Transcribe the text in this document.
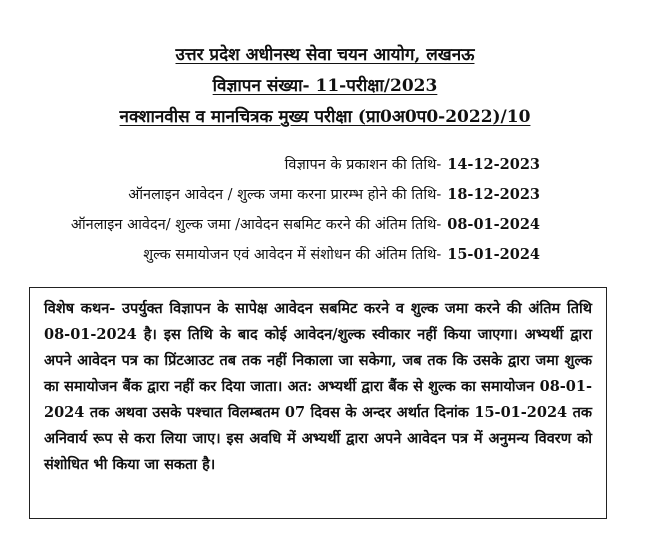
उत्तर प्रदेश अधीनस्थ सेवा चयन आयोग, लखनऊ
विज्ञापन संख्या- 11-परीक्षा/2023
नक्शानवीस व मानचित्रक मुख्य परीक्षा (प्रा0अ0प0-2022)/10
विज्ञापन के प्रकाशन की तिथि- 14-12-2023
ऑनलाइन आवेदन / शुल्क जमा करना प्रारम्भ होने की तिथि- 18-12-2023
ऑनलाइन आवेदन/ शुल्क जमा /आवेदन सबमिट करने की अंतिम तिथि- 08-01-2024
शुल्क समायोजन एवं आवेदन में संशोधन की अंतिम तिथि- 15-01-2024

विशेष कथन- उपर्युक्त विज्ञापन के सापेक्ष आवेदन सबमिट करने व शुल्क जमा करने की अंतिम तिथि 08-01-2024 है। इस तिथि के बाद कोई आवेदन/शुल्क स्वीकार नहीं किया जाएगा। अभ्यर्थी द्वारा अपने आवेदन पत्र का प्रिंटआउट तब तक नहीं निकाला जा सकेगा, जब तक कि उसके द्वारा जमा शुल्क का समायोजन बैंक द्वारा नहीं कर दिया जाता। अत: अभ्यर्थी द्वारा बैंक से शुल्क का समायोजन 08-01-2024 तक अथवा उसके पश्चात विलम्बतम 07 दिवस के अन्दर अर्थात दिनांक 15-01-2024 तक अनिवार्य रूप से करा लिया जाए। इस अवधि में अभ्यर्थी द्वारा अपने आवेदन पत्र में अनुमन्य विवरण को संशोधित भी किया जा सकता है।
